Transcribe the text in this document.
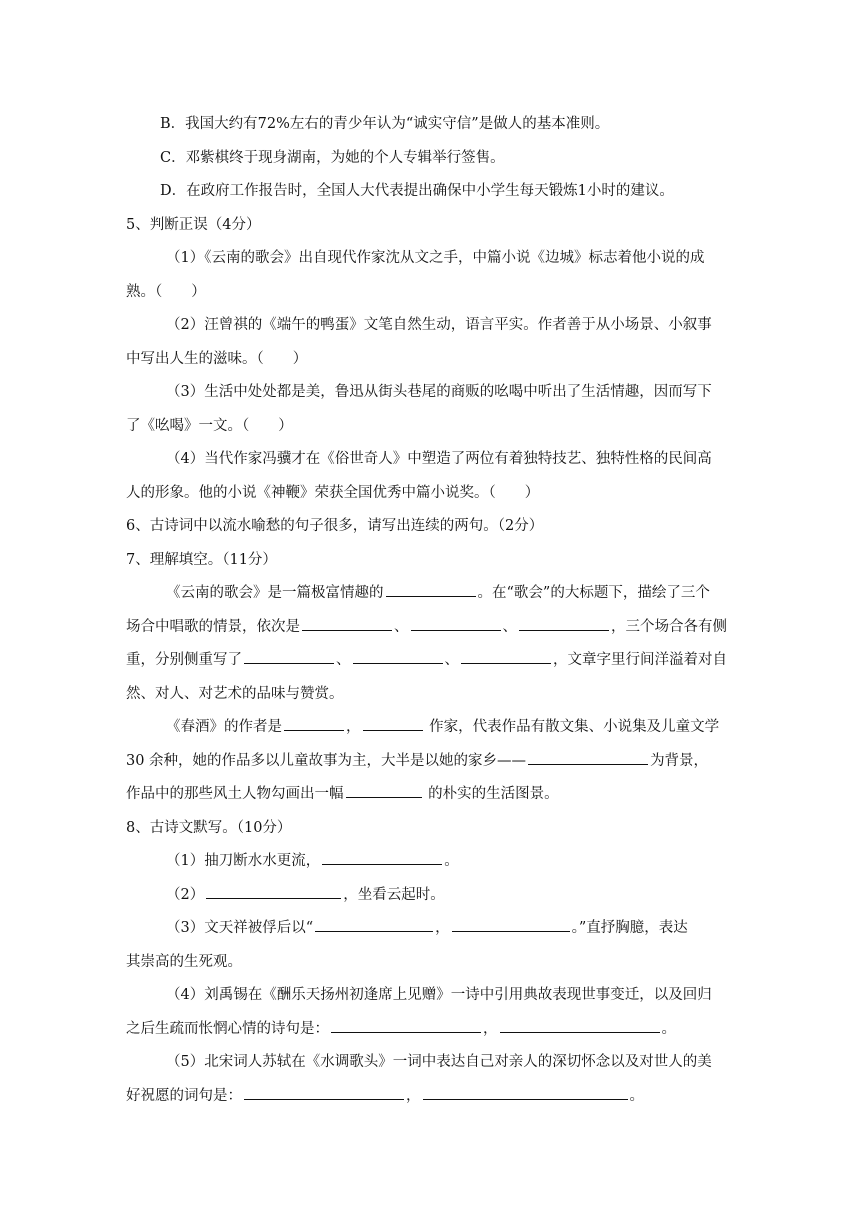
B．我国大约有72%左右的青少年认为“诚实守信”是做人的基本准则。
C．邓紫棋终于现身湖南，为她的个人专辑举行签售。
D．在政府工作报告时，全国人大代表提出确保中小学生每天锻炼1小时的建议。
5、判断正误（4分）
（1）《云南的歌会》出自现代作家沈从文之手，中篇小说《边城》标志着他小说的成
熟。（　　）
（2）汪曾祺的《端午的鸭蛋》文笔自然生动，语言平实。作者善于从小场景、小叙事
中写出人生的滋味。（　　）
（3）生活中处处都是美，鲁迅从街头巷尾的商贩的吆喝中听出了生活情趣，因而写下
了《吆喝》一文。（　　）
（4）当代作家冯骥才在《俗世奇人》中塑造了两位有着独特技艺、独特性格的民间高
人的形象。他的小说《神鞭》荣获全国优秀中篇小说奖。（　　）
6、古诗词中以流水喻愁的句子很多，请写出连续的两句。（2分）
7、理解填空。（11分）
《云南的歌会》是一篇极富情趣的	。在“歌会”的大标题下，描绘了三个
场合中唱歌的情景，依次是	、	、	，三个场合各有侧
重，分别侧重写了	、	、	，文章字里行间洋溢着对自
然、对人、对艺术的品味与赞赏。
《春酒》的作者是	，	作家，代表作品有散文集、小说集及儿童文学
30 余种，她的作品多以儿童故事为主，大半是以她的家乡——	为背景，
作品中的那些风土人物勾画出一幅	的朴实的生活图景。
8、古诗文默写。（10分）
（1）抽刀断水水更流，	。
（2）	，坐看云起时。
（3）文天祥被俘后以“	，	。”直抒胸臆，表达
其崇高的生死观。
（4）刘禹锡在《酬乐天扬州初逢席上见赠》一诗中引用典故表现世事变迁，以及回归
之后生疏而怅惘心情的诗句是：	，	。
（5）北宋词人苏轼在《水调歌头》一词中表达自己对亲人的深切怀念以及对世人的美
好祝愿的词句是：	，	。
